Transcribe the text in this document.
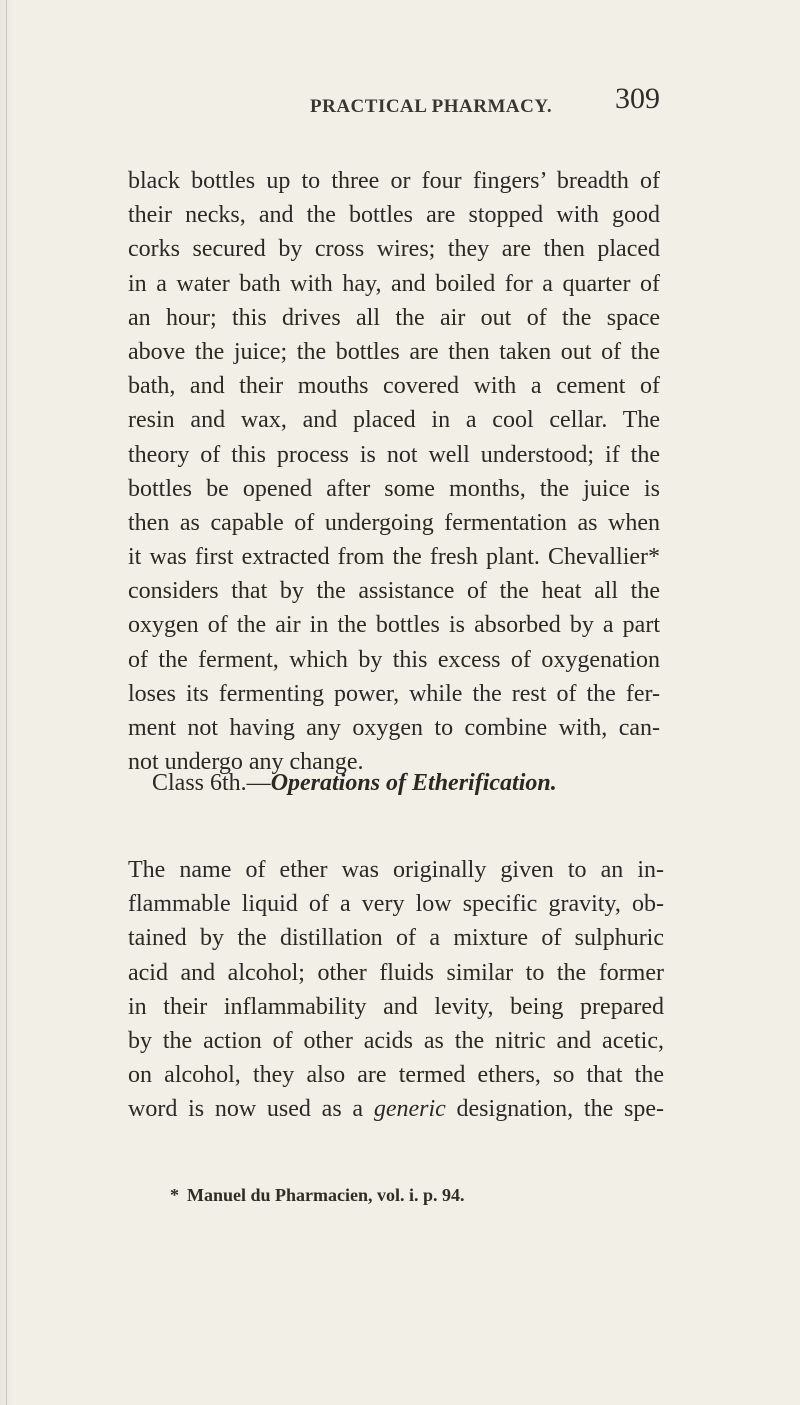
PRACTICAL PHARMACY. 309
black bottles up to three or four fingers’ breadth of
their necks, and the bottles are stopped with good
corks secured by cross wires; they are then placed
in a water bath with hay, and boiled for a quarter of
an hour; this drives all the air out of the space
above the juice; the bottles are then taken out of the
bath, and their mouths covered with a cement of
resin and wax, and placed in a cool cellar. The
theory of this process is not well understood; if the
bottles be opened after some months, the juice is
then as capable of undergoing fermentation as when
it was first extracted from the fresh plant. Chevallier*
considers that by the assistance of the heat all the
oxygen of the air in the bottles is absorbed by a part
of the ferment, which by this excess of oxygenation
loses its fermenting power, while the rest of the fer-
ment not having any oxygen to combine with, can-
not undergo any change.
Class 6th.—Operations of Etherification.
The name of ether was originally given to an in-
flammable liquid of a very low specific gravity, ob-
tained by the distillation of a mixture of sulphuric
acid and alcohol; other fluids similar to the former
in their inflammability and levity, being prepared
by the action of other acids as the nitric and acetic,
on alcohol, they also are termed ethers, so that the
word is now used as a generic designation, the spe-
* Manuel du Pharmacien, vol. i. p. 94.
